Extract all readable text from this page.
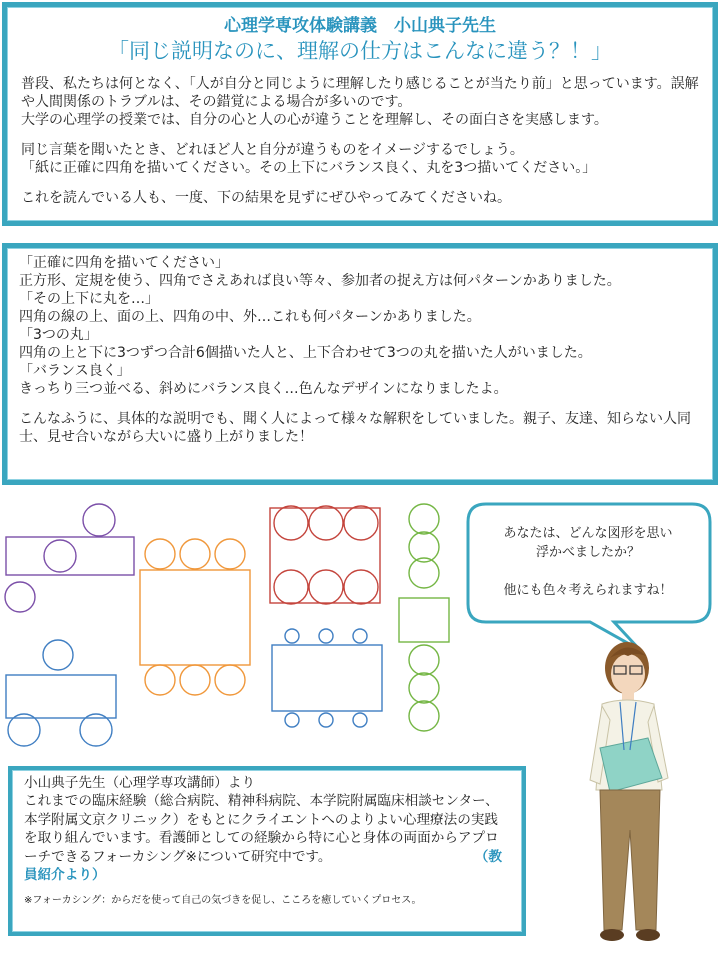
心理学専攻体験講義　小山典子先生
「同じ説明なのに、理解の仕方はこんなに違う？！」

普段、私たちは何となく、「人が自分と同じように理解したり感じることが当たり前」と思っています。誤解や人間関係のトラブルは、その錯覚による場合が多いのです。

大学の心理学の授業では、自分の心と人の心が違うことを理解し、その面白さを実感します。

同じ言葉を聞いたとき、どれほど人と自分が違うものをイメージするでしょう。

「紙に正確に四角を描いてください。その上下にバランス良く、丸を3つ描いてください。」

これを読んでいる人も、一度、下の結果を見ずにぜひやってみてくださいね。

「正確に四角を描いてください」

正方形、定規を使う、四角でさえあれば良い等々、参加者の捉え方は何パターンかありました。

「その上下に丸を…」

四角の線の上、面の上、四角の中、外…これも何パターンかありました。

「3つの丸」

四角の上と下に3つずつ合計6個描いた人と、上下合わせて3つの丸を描いた人がいました。

「バランス良く」

きっちり三つ並べる、斜めにバランス良く…色んなデザインになりましたよ。

こんなふうに、具体的な説明でも、聞く人によって様々な解釈をしていました。親子、友達、知らない人同士、見せ合いながら大いに盛り上がりました！

あなたは、どんな図形を思い
浮かべましたか？
他にも色々考えられますね！

小山典子先生（心理学専攻講師）より

これまでの臨床経験（総合病院、精神科病院、本学院附属臨床相談センター、本学附属文京クリニック）をもとにクライエントへのよりよい心理療法の実践を取り組んでいます。看護師としての経験から特に心と身体の両面からアプローチできるフォーカシング※について研究中です。	（教員紹介より）

※フォーカシング：からだを使って自己の気づきを促し、こころを癒していくプロセス。
